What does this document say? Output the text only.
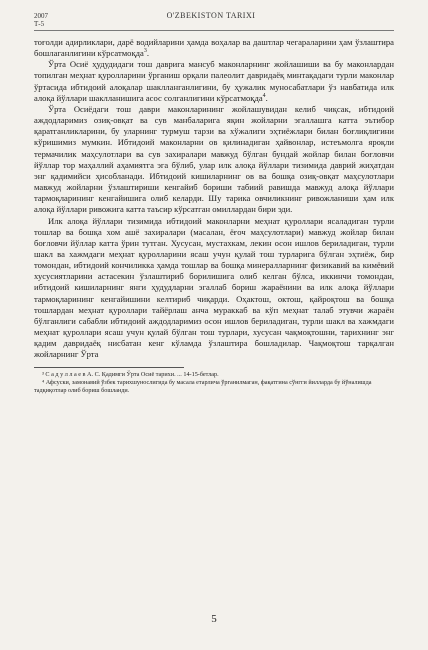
2007
Т-5
O'ZBEKISTON TARIXI

тоғолди адирликлари, дарё водийларини ҳамда воҳалар ва даштлар чегараларини ҳам ўзлаштира бошлаганлигини кўрсатмоқда$^3$.

Ўрта Осиё ҳудудидаги тош даврига мансуб маконларнинг жойлашиши ва бу маконлардан топилган меҳнат қуролларини ўрганиш орқали палеолит давридаёқ минтақадаги турли маконлар ўртасида ибтидоий алоқалар шаклланганлигини, бу ҳужалик муносабатлари ўз навбатида илк алоқа йўллари шаклланишига асос солганлигини кўрсатмоқда$^4$.

Ўрта Осиёдаги тош даври маконларининг жойлашувидан келиб чиқсак, ибтидоий аждодларимиз озиқ-овқат ва сув манбаларига яқин жойларни эгаллашга катта эътибор қаратганликларини, бу уларнинг турмуш тарзи ва хўжалиги эҳтиёжлари билан боғлиқлигини кўришимиз мумкин. Ибтидоий маконларни ов қилинадиган ҳайвонлар, истеъмолга яроқли термачилик маҳсулотлари ва сув захиралари мавжуд бўлган бундай жойлар билан боғловчи йўллар тор маҳаллий аҳамиятга эга бўлиб, улар илк алоқа йўллари тизимида даврий жиҳатдан энг қадимийси ҳисобланади. Ибтидоий кишиларнинг ов ва бошқа озиқ-овқат маҳсулотлари мавжуд жойларни ўзлаштириши кенгайиб бориши табиий равишда мавжуд алоқа йўллари тармоқларининг кенгайишига олиб келарди. Шу тарика овчиликнинг ривожланиши ҳам илк алоқа йўллари ривожига катта таъсир кўрсатган омиллардан бири эди.

Илк алоқа йўллари тизимида ибтидоий маконларни меҳнат қуроллари ясаладиган турли тошлар ва бошқа хом ашё захиралари (масалан, ёғоч маҳсулотлари) мавжуд жойлар билан боғловчи йўллар катта ўрин тутган. Хусусан, мустахкам, лекин осон ишлов бериладиган, турли шакл ва хажмдаги меҳнат қуролларини ясаш учун қулай тош турларига бўлган эҳтиёж, бир томондан, ибтидоий кончиликка ҳамда тошлар ва бошқа минералларнинг физикавий ва кимёвий хусусиятларини астасекин ўзлаштириб борилишига олиб келган бўлса, иккинчи томондан, ибтидоий кишиларнинг янги ҳудудларни эгаллаб бориш жараёнини ва илк алоқа йўллари тармоқларининг кенгайишини келтириб чиқарди. Оҳактош, октош, қайроқтош ва бошқа тошлардан меҳнат қуроллари тайёрлаш анча мураккаб ва кўп меҳнат талаб этувчи жараён бўлганлиги сабабли ибтидоий аждодларимиз осон ишлов бериладиган, турли шакл ва хажмдаги меҳнат қуроллари ясаш учун қулай бўлган тош турлари, хусусан чақмоқтошни, тарихнинг энг қадим давридаёқ нисбатан кенг кўламда ўзлаштира бошладилар. Чақмоқтош тарқалган жойларнинг Ўрта

³ С а д у л л а е в А. С. Қадимги Ўрта Осиё тарихи. ... 14-15-бетлар.

⁴ Афсуски, замонавий ўзбек тарихшунослигида бу масала етарлича ўрганилмаган, фақатгина сўнгги йилларда бу йўналишда тадқиқотлар олиб бориш бошланди.

5
